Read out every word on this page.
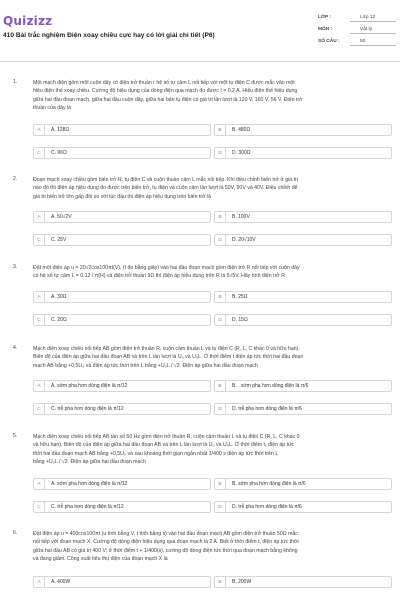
Quizizz
410 Bài trắc nghiệm Điện xoay chiều cực hay có lời giải chi tiết (P6)
LỚP :	Lớp 12
MÔN :	Vật lý
SỐ CÂU :	50
1.	Một mạch điện gồm một cuộn dây có điện trở thuần r hệ số tự cảm L nối tiếp với một tụ điện C được mắc vào một
hiệu điện thế xoay chiều. Cường độ hiệu dụng của dòng điện qua mạch đo được I = 0,2 A. Hiệu điện thế hiệu dụng
giữa hai đầu đoạn mạch, giữa hai đầu cuộn dây, giữa hai bản tụ điện có giá trị lần lượt là 120 V, 160 V, 56 V. Điện trở
thuần của dây là
A	A. 128Ω	B	B. 480Ω
C	C. 96Ω	D	D. 300Ω
2.	Đoạn mạch xoay chiều gồm biến trở R, tụ điện C và cuộn thuần cảm L mắc nối tiếp. Khi điều chỉnh biến trở ở giá trị
nào đó thì điện áp hiệu dụng đo được trên biến trở, tụ điện và cuộn cảm lần lượt là 50V, 90V và 40V. Điều chỉnh để
giá trị biến trở lớn gấp đôi so với lúc đầu thì điện áp hiệu dụng trên biến trở là
A	A. 50√2V	B	B. 100V
C	C. 25V	D	D. 20√10V
3.	Đặt một điện áp u = 20√2cos100πt(V), (t đo bằng giây) vào hai đầu đoạn mạch gồm điện trở R nối tiếp với cuộn dây
có hệ số tự cảm L = 0,12 / π(H) và điện trở thuần 9Ω thì điện áp hiệu dụng trên R là 5√5V. Hãy tính điện trở R
A	A. 30Ω	B	B. 25Ω
C	C. 20Ω	D	D. 15Ω
4.	Mạch điện xoay chiều nối tiếp AB gồm điện trở thuần R, cuộn cảm thuần L và tụ điện C (R, L, C khác 0 và hữu hạn).
Biên độ của điện áp giữa hai đầu đoạn AB và trên L lần lượt là U₀ và U₀L. Ở thời điểm t điện áp tức thời hai đầu đoạn
mạch AB bằng +0,5U₀ và điện áp tức thời trên L bằng +U₀L / √2. Điện áp giữa hai đầu đoạn mạch
A	A. sớm pha hơn dòng điện là π/12	B	B. . sớm pha hơn dòng điện là π/6
C	C. trễ pha hơn dòng điện là π/12	D	D. trễ pha hơn dòng điện là π/6
5.	Mạch điện xoay chiều nối tiếp AB tần số 50 Hz gồm điện trở thuần R, cuộn cảm thuần L và tụ điện C (R, L, C khác 0
và hữu hạn). Biên độ của điện áp giữa hai đầu đoạn AB và trên L lần lượt là U₀ và U₀L. Ở thời điểm t₁ điện áp tức
thời hai đầu đoạn mạch AB bằng +0,5U₀ và sau khoảng thời gian ngắn nhất 1/400 s điện áp tức thời trên L
bằng +U₀L / √2. Điện áp giữa hai đầu đoạn mạch
A	A. sớm pha hơn dòng điện là π/12	B	B. sớm pha hơn dòng điện là π/6
C	C. trễ pha hơn dòng điện là π/12	D	D. trễ pha hơn dòng điện là π/6
6.	Đặt điện áp u = 400cos100πt (u tính bằng V, t tính bằng s) vào hai đầu đoạn mạch AB gồm điện trở thuần 50Ω mắc
nối tiếp với đoạn mạch X. Cường độ dòng điện hiệu dụng qua đoạn mạch là 2 A. Biết ở thời điểm t, điện áp tức thời
giữa hai đầu AB có giá trị 400 V; ở thời điểm t + 1/400(s), cường độ dòng điện tức thời qua đoạn mạch bằng không
và đang giảm. Công suất tiêu thụ điện của đoạn mạch X là
A	A. 400W	B	B. 200W
